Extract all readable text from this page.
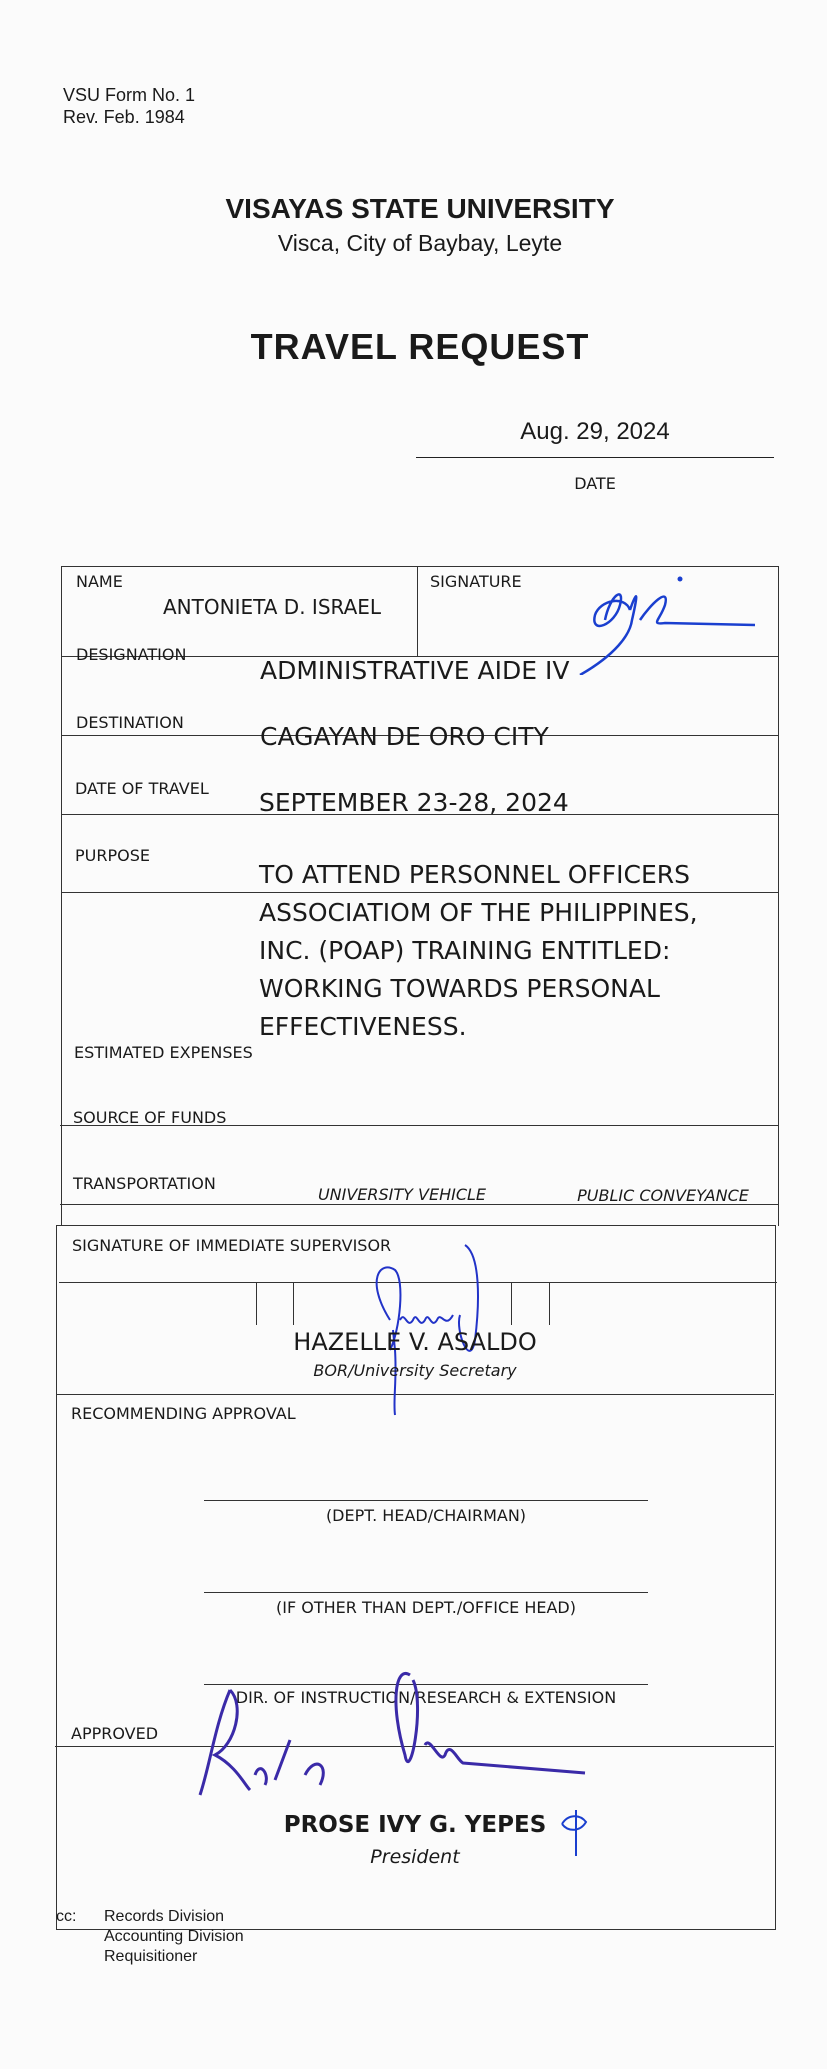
VSU Form No. 1
Rev. Feb. 1984
VISAYAS STATE UNIVERSITY
Visca, City of Baybay, Leyte
TRAVEL REQUEST
Aug. 29, 2024
DATE
NAME
ANTONIETA D. ISRAEL
SIGNATURE
DESIGNATION
ADMINISTRATIVE AIDE IV
DESTINATION	CAGAYAN DE ORO CITY
DATE OF TRAVEL SEPTEMBER 23-28, 2024
PURPOSE
TO ATTEND PERSONNEL OFFICERS
ASSOCIATIOM OF THE PHILIPPINES,
INC. (POAP) TRAINING ENTITLED:
WORKING TOWARDS PERSONAL
EFFECTIVENESS.
ESTIMATED EXPENSES
SOURCE OF FUNDS
TRANSPORTATION
UNIVERSITY VEHICLE	PUBLIC CONVEYANCE
SIGNATURE OF IMMEDIATE SUPERVISOR
HAZELLE V. ASALDO
BOR/University Secretary
RECOMMENDING APPROVAL
(DEPT. HEAD/CHAIRMAN)
(IF OTHER THAN DEPT./OFFICE HEAD)
DIR. OF INSTRUCTION/RESEARCH & EXTENSION
APPROVED
PROSE IVY G. YEPES
President
cc: Records Division
Accounting Division
Requisitioner
